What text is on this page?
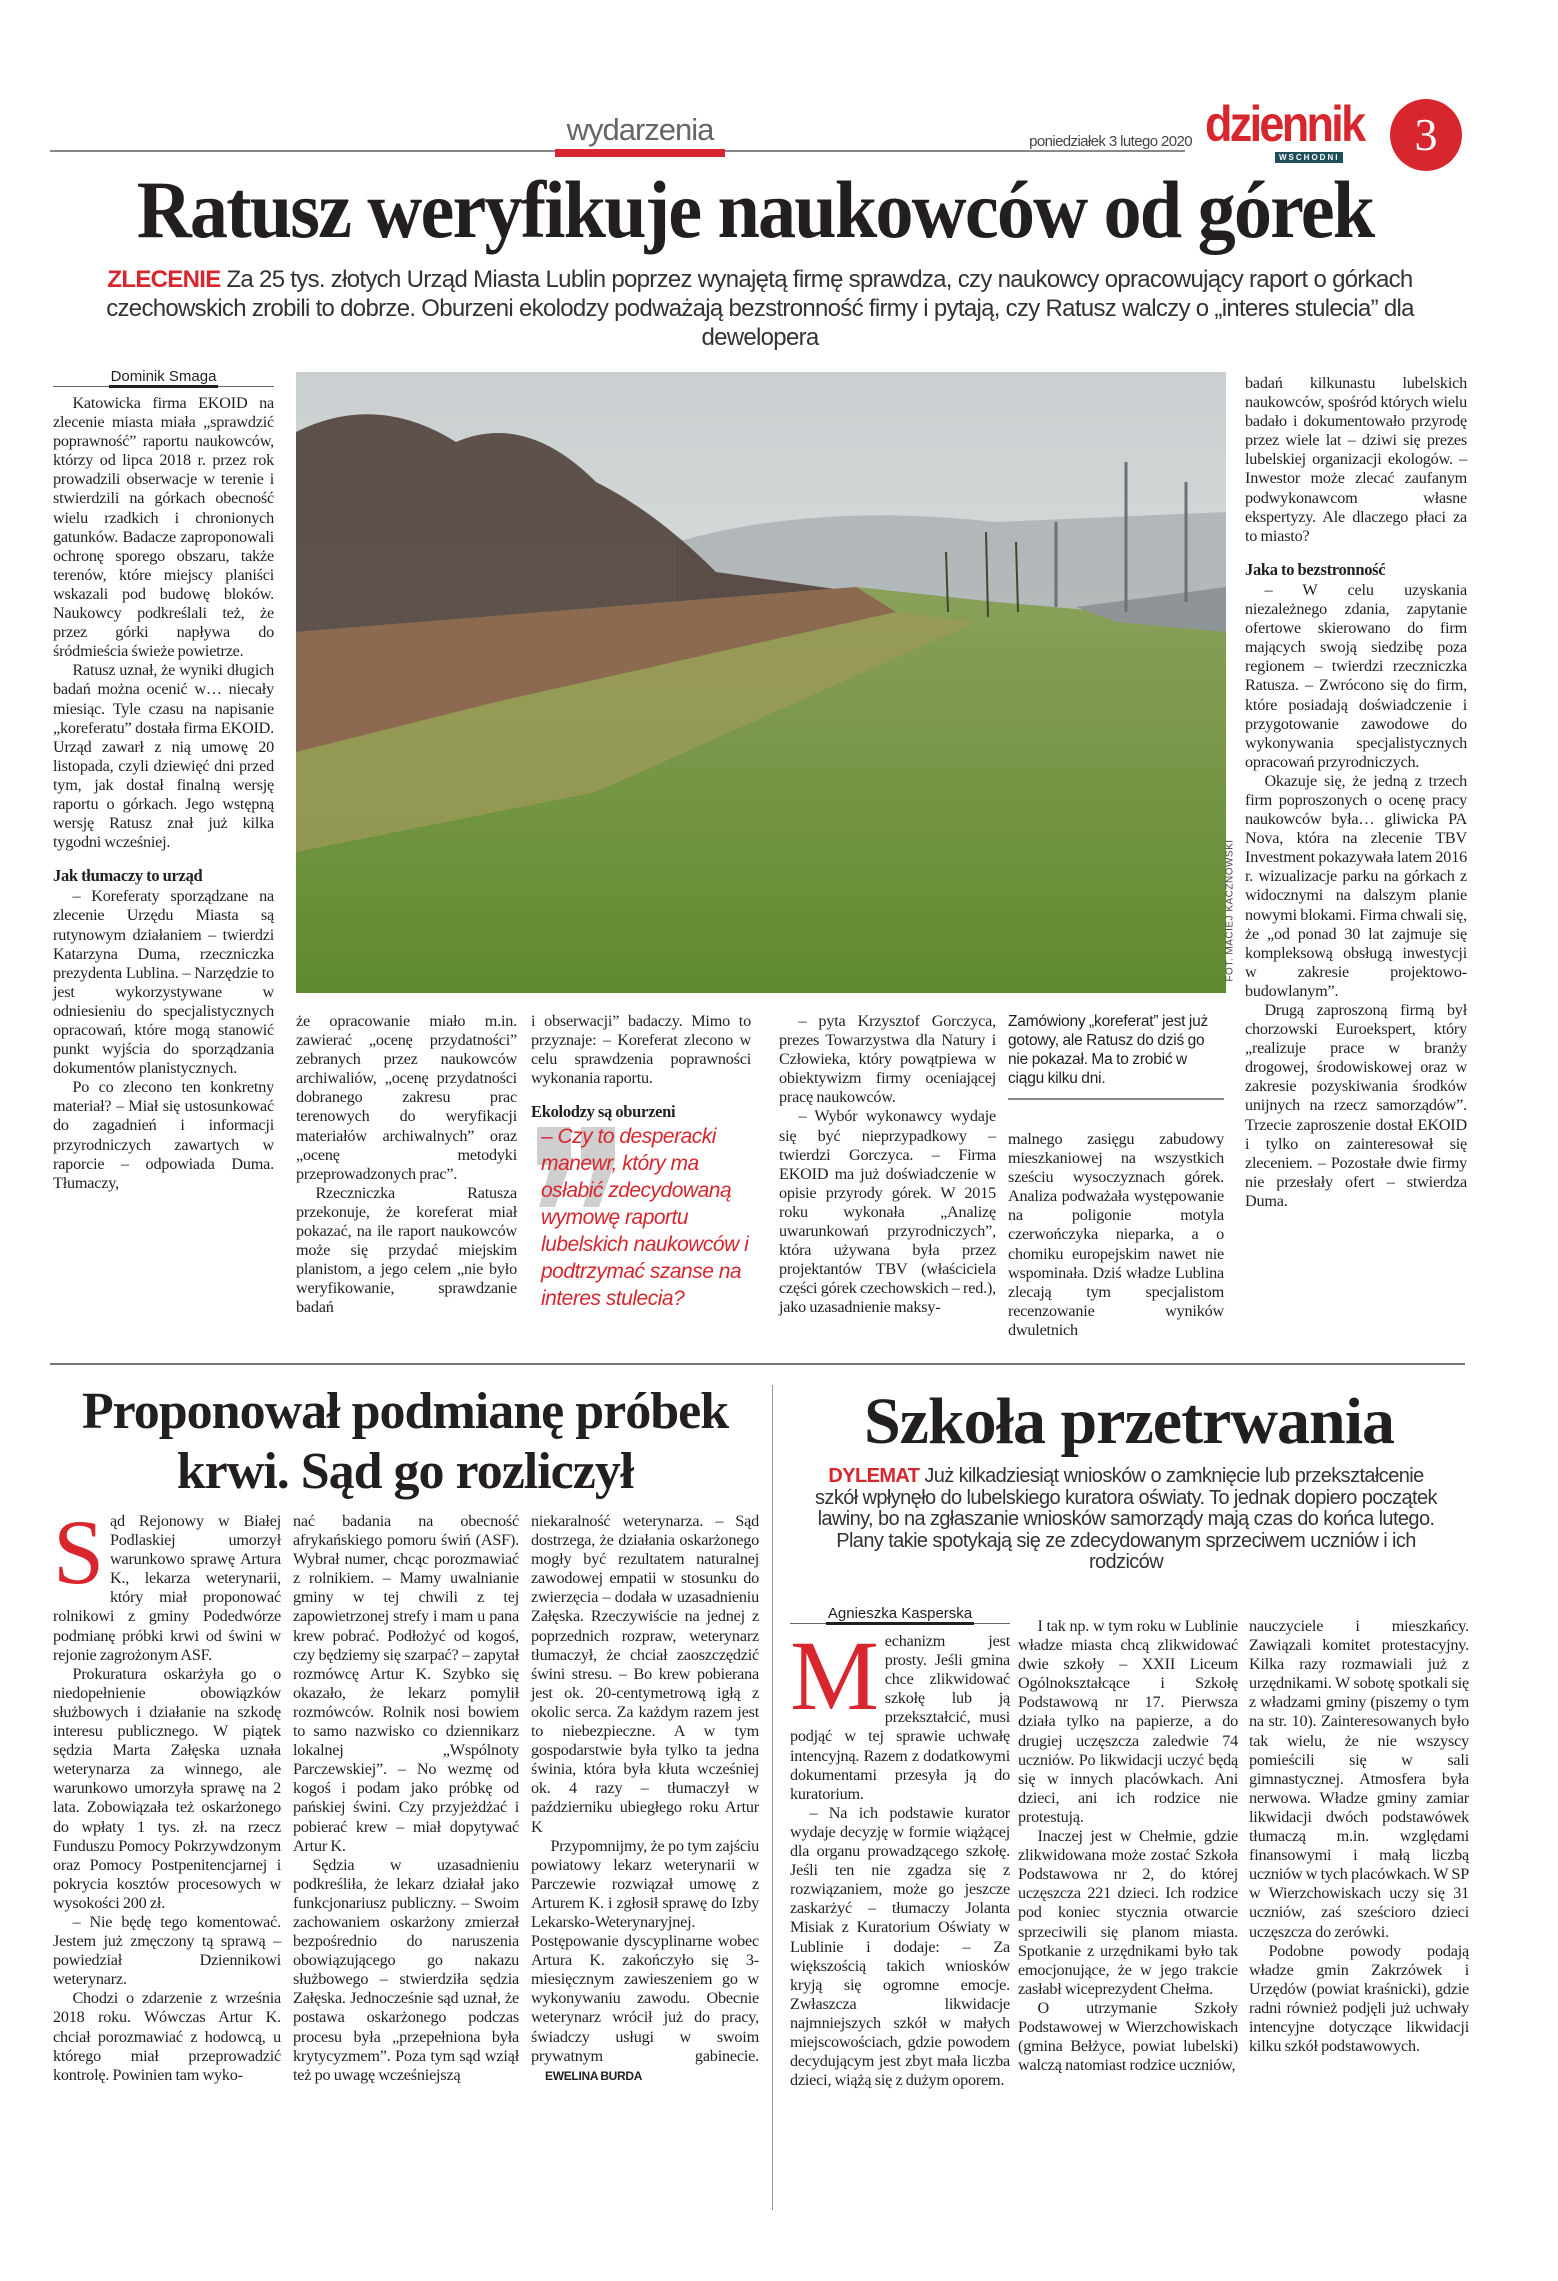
wydarzenia	poniedziałek 3 lutego 2020 dziennik
WSCHODNI	3
Ratusz weryfikuje naukowców od górek
ZLECENIE Za 25 tys. złotych Urząd Miasta Lublin poprzez wynajętą firmę sprawdza, czy naukowcy opracowujący raport o górkach czechowskich zrobili to dobrze. Oburzeni ekolodzy podważają bezstronność firmy i pytają, czy Ratusz walczy o „interes stulecia” dla dewelopera
Dominik Smaga

Katowicka firma EKOID na zlecenie miasta miała „sprawdzić poprawność” raportu naukowców, którzy od lipca 2018 r. przez rok prowadzili obserwacje w terenie i stwierdzili na górkach obecność wielu rzadkich i chronionych gatunków. Badacze zaproponowali ochronę sporego obszaru, także terenów, które miejscy planiści wskazali pod budowę bloków. Naukowcy podkreślali też, że przez górki napływa do śródmieścia świeże powietrze.

Ratusz uznał, że wyniki długich badań można ocenić w… niecały miesiąc. Tyle czasu na napisanie „koreferatu” dostała firma EKOID. Urząd zawarł z nią umowę 20 listopada, czyli dziewięć dni przed tym, jak dostał finalną wersję raportu o górkach. Jego wstępną wersję Ratusz znał już kilka tygodni wcześniej.

Jak tłumaczy to urząd

– Koreferaty sporządzane na zlecenie Urzędu Miasta są rutynowym działaniem – twierdzi Katarzyna Duma, rzeczniczka prezydenta Lublina. – Narzędzie to jest wykorzystywane w odniesieniu do specjalistycznych opracowań, które mogą stanowić punkt wyjścia do sporządzania dokumentów planistycznych.

Po co zlecono ten konkretny materiał? – Miał się ustosunkować do zagadnień i informacji przyrodniczych zawartych w raporcie – odpowiada Duma. Tłumaczy,

FOT. MACIEJ KACZNOWSKI

że opracowanie miało m.in. zawierać „ocenę przydatności” zebranych przez naukowców archiwaliów, „ocenę przydatności dobranego zakresu prac terenowych do weryfikacji materiałów archiwalnych” oraz „ocenę metodyki przeprowadzonych prac”.

Rzeczniczka Ratusza przekonuje, że koreferat miał pokazać, na ile raport naukowców może się przydać miejskim planistom, a jego celem „nie było weryfikowanie, sprawdzanie badań

i obserwacji” badaczy. Mimo to przyznaje: – Koreferat zlecono w celu sprawdzenia poprawności wykonania raportu.

Ekolodzy są oburzeni

– Czy to desperacki manewr, który ma osłabić zdecydowaną wymowę raportu lubelskich naukowców i podtrzymać szanse na interes stulecia?

– pyta Krzysztof Gorczyca, prezes Towarzystwa dla Natury i Człowieka, który powątpiewa w obiektywizm firmy oceniającej pracę naukowców.

– Wybór wykonawcy wydaje się być nieprzypadkowy – twierdzi Gorczyca. – Firma EKOID ma już doświadczenie w opisie przyrody górek. W 2015 roku wykonała „Analizę uwarunkowań przyrodniczych”, która używana była przez projektantów TBV (właściciela części górek czechowskich – red.), jako uzasadnienie maksy-

Zamówiony „koreferat” jest już gotowy, ale Ratusz do dziś go nie pokazał. Ma to zrobić w ciągu kilku dni.

malnego zasięgu zabudowy mieszkaniowej na wszystkich sześciu wysoczyznach górek. Analiza podważała występowanie na poligonie motyla czerwończyka nieparka, a o chomiku europejskim nawet nie wspominała. Dziś władze Lublina zlecają tym specjalistom recenzowanie wyników dwuletnich

badań kilkunastu lubelskich naukowców, spośród których wielu badało i dokumentowało przyrodę przez wiele lat – dziwi się prezes lubelskiej organizacji ekologów. – Inwestor może zlecać zaufanym podwykonawcom własne ekspertyzy. Ale dlaczego płaci za to miasto?

Jaka to bezstronność

– W celu uzyskania niezależnego zdania, zapytanie ofertowe skierowano do firm mających swoją siedzibę poza regionem – twierdzi rzeczniczka Ratusza. – Zwrócono się do firm, które posiadają doświadczenie i przygotowanie zawodowe do wykonywania specjalistycznych opracowań przyrodniczych.

Okazuje się, że jedną z trzech firm poproszonych o ocenę pracy naukowców była… gliwicka PA Nova, która na zlecenie TBV Investment pokazywała latem 2016 r. wizualizacje parku na górkach z widocznymi na dalszym planie nowymi blokami. Firma chwali się, że „od ponad 30 lat zajmuje się kompleksową obsługą inwestycji w zakresie projektowo-budowlanym”.

Drugą zaproszoną firmą był chorzowski Euroekspert, który „realizuje prace w branży drogowej, środowiskowej oraz w zakresie pozyskiwania środków unijnych na rzecz samorządów”. Trzecie zaproszenie dostał EKOID i tylko on zainteresował się zleceniem. – Pozostałe dwie firmy nie przesłały ofert – stwierdza Duma.

Proponował podmianę próbek
krwi. Sąd go rozliczył

Sąd Rejonowy w Białej Podlaskiej umorzył warunkowo sprawę Artura K., lekarza weterynarii, który miał proponować rolnikowi z gminy Podedwórze podmianę próbki krwi od świni w rejonie zagrożonym ASF.

Prokuratura oskarżyła go o niedopełnienie obowiązków służbowych i działanie na szkodę interesu publicznego. W piątek sędzia Marta Załęska uznała weterynarza za winnego, ale warunkowo umorzyła sprawę na 2 lata. Zobowiązała też oskarżonego do wpłaty 1 tys. zł. na rzecz Funduszu Pomocy Pokrzywdzonym oraz Pomocy Postpenitencjarnej i pokrycia kosztów procesowych w wysokości 200 zł.

– Nie będę tego komentować. Jestem już zmęczony tą sprawą – powiedział Dziennikowi weterynarz.

Chodzi o zdarzenie z września 2018 roku. Wówczas Artur K. chciał porozmawiać z hodowcą, u którego miał przeprowadzić kontrolę. Powinien tam wyko-

nać badania na obecność afrykańskiego pomoru świń (ASF). Wybrał numer, chcąc porozmawiać z rolnikiem. – Mamy uwalnianie gminy w tej chwili z tej zapowietrzonej strefy i mam u pana krew pobrać. Podłożyć od kogoś, czy będziemy się szarpać? – zapytał rozmówcę Artur K. Szybko się okazało, że lekarz pomylił rozmówców. Rolnik nosi bowiem to samo nazwisko co dziennikarz lokalnej „Wspólnoty Parczewskiej”. – No wezmę od kogoś i podam jako próbkę od pańskiej świni. Czy przyjeżdżać i pobierać krew – miał dopytywać Artur K.

Sędzia w uzasadnieniu podkreśliła, że lekarz działał jako funkcjonariusz publiczny. – Swoim zachowaniem oskarżony zmierzał bezpośrednio do naruszenia obowiązującego go nakazu służbowego – stwierdziła sędzia Załęska. Jednocześnie sąd uznał, że postawa oskarżonego podczas procesu była „przepełniona była krytycyzmem”. Poza tym sąd wziął też po uwagę wcześniejszą

niekaralność weterynarza. – Sąd dostrzega, że działania oskarżonego mogły być rezultatem naturalnej zawodowej empatii w stosunku do zwierzęcia – dodała w uzasadnieniu Załęska. Rzeczywiście na jednej z poprzednich rozpraw, weterynarz tłumaczył, że chciał zaoszczędzić świni stresu. – Bo krew pobierana jest ok. 20-centymetrową igłą z okolic serca. Za każdym razem jest to niebezpieczne. A w tym gospodarstwie była tylko ta jedna świnia, która była kłuta wcześniej ok. 4 razy – tłumaczył w październiku ubiegłego roku Artur K

Przypomnijmy, że po tym zajściu powiatowy lekarz weterynarii w Parczewie rozwiązał umowę z Arturem K. i zgłosił sprawę do Izby Lekarsko-Weterynaryjnej. Postępowanie dyscyplinarne wobec Artura K. zakończyło się 3-miesięcznym zawieszeniem go w wykonywaniu zawodu. Obecnie weterynarz wrócił już do pracy, świadczy usługi w swoim prywatnym gabinecie. EWELINA BURDA

Szkoła przetrwania
DYLEMAT Już kilkadziesiąt wniosków o zamknięcie lub przekształcenie szkół wpłynęło do lubelskiego kuratora oświaty. To jednak dopiero początek lawiny, bo na zgłaszanie wniosków samorządy mają czas do końca lutego. Plany takie spotykają się ze zdecydowanym sprzeciwem uczniów i ich rodziców
Agnieszka Kasperska

Mechanizm jest prosty. Jeśli gmina chce zlikwidować szkołę lub ją przekształcić, musi podjąć w tej sprawie uchwałę intencyjną. Razem z dodatkowymi dokumentami przesyła ją do kuratorium.

– Na ich podstawie kurator wydaje decyzję w formie wiążącej dla organu prowadzącego szkołę. Jeśli ten nie zgadza się z rozwiązaniem, może go jeszcze zaskarżyć – tłumaczy Jolanta Misiak z Kuratorium Oświaty w Lublinie i dodaje: – Za większością takich wniosków kryją się ogromne emocje. Zwłaszcza likwidacje najmniejszych szkół w małych miejscowościach, gdzie powodem decydującym jest zbyt mała liczba dzieci, wiążą się z dużym oporem.

I tak np. w tym roku w Lublinie władze miasta chcą zlikwidować dwie szkoły – XXII Liceum Ogólnokształcące i Szkołę Podstawową nr 17. Pierwsza działa tylko na papierze, a do drugiej uczęszcza zaledwie 74 uczniów. Po likwidacji uczyć będą się w innych placówkach. Ani dzieci, ani ich rodzice nie protestują.

Inaczej jest w Chełmie, gdzie zlikwidowana może zostać Szkoła Podstawowa nr 2, do której uczęszcza 221 dzieci. Ich rodzice pod koniec stycznia otwarcie sprzeciwili się planom miasta. Spotkanie z urzędnikami było tak emocjonujące, że w jego trakcie zasłabł wiceprezydent Chełma.

O utrzymanie Szkoły Podstawowej w Wierzchowiskach (gmina Bełżyce, powiat lubelski) walczą natomiast rodzice uczniów,

nauczyciele i mieszkańcy. Zawiązali komitet protestacyjny. Kilka razy rozmawiali już z urzędnikami. W sobotę spotkali się z władzami gminy (piszemy o tym na str. 10). Zainteresowanych było tak wielu, że nie wszyscy pomieścili się w sali gimnastycznej. Atmosfera była nerwowa. Władze gminy zamiar likwidacji dwóch podstawówek tłumaczą m.in. względami finansowymi i małą liczbą uczniów w tych placówkach. W SP w Wierzchowiskach uczy się 31 uczniów, zaś sześcioro dzieci uczęszcza do zerówki.

Podobne powody podają władze gmin Zakrzówek i Urzędów (powiat kraśnicki), gdzie radni również podjęli już uchwały intencyjne dotyczące likwidacji kilku szkół podstawowych.
